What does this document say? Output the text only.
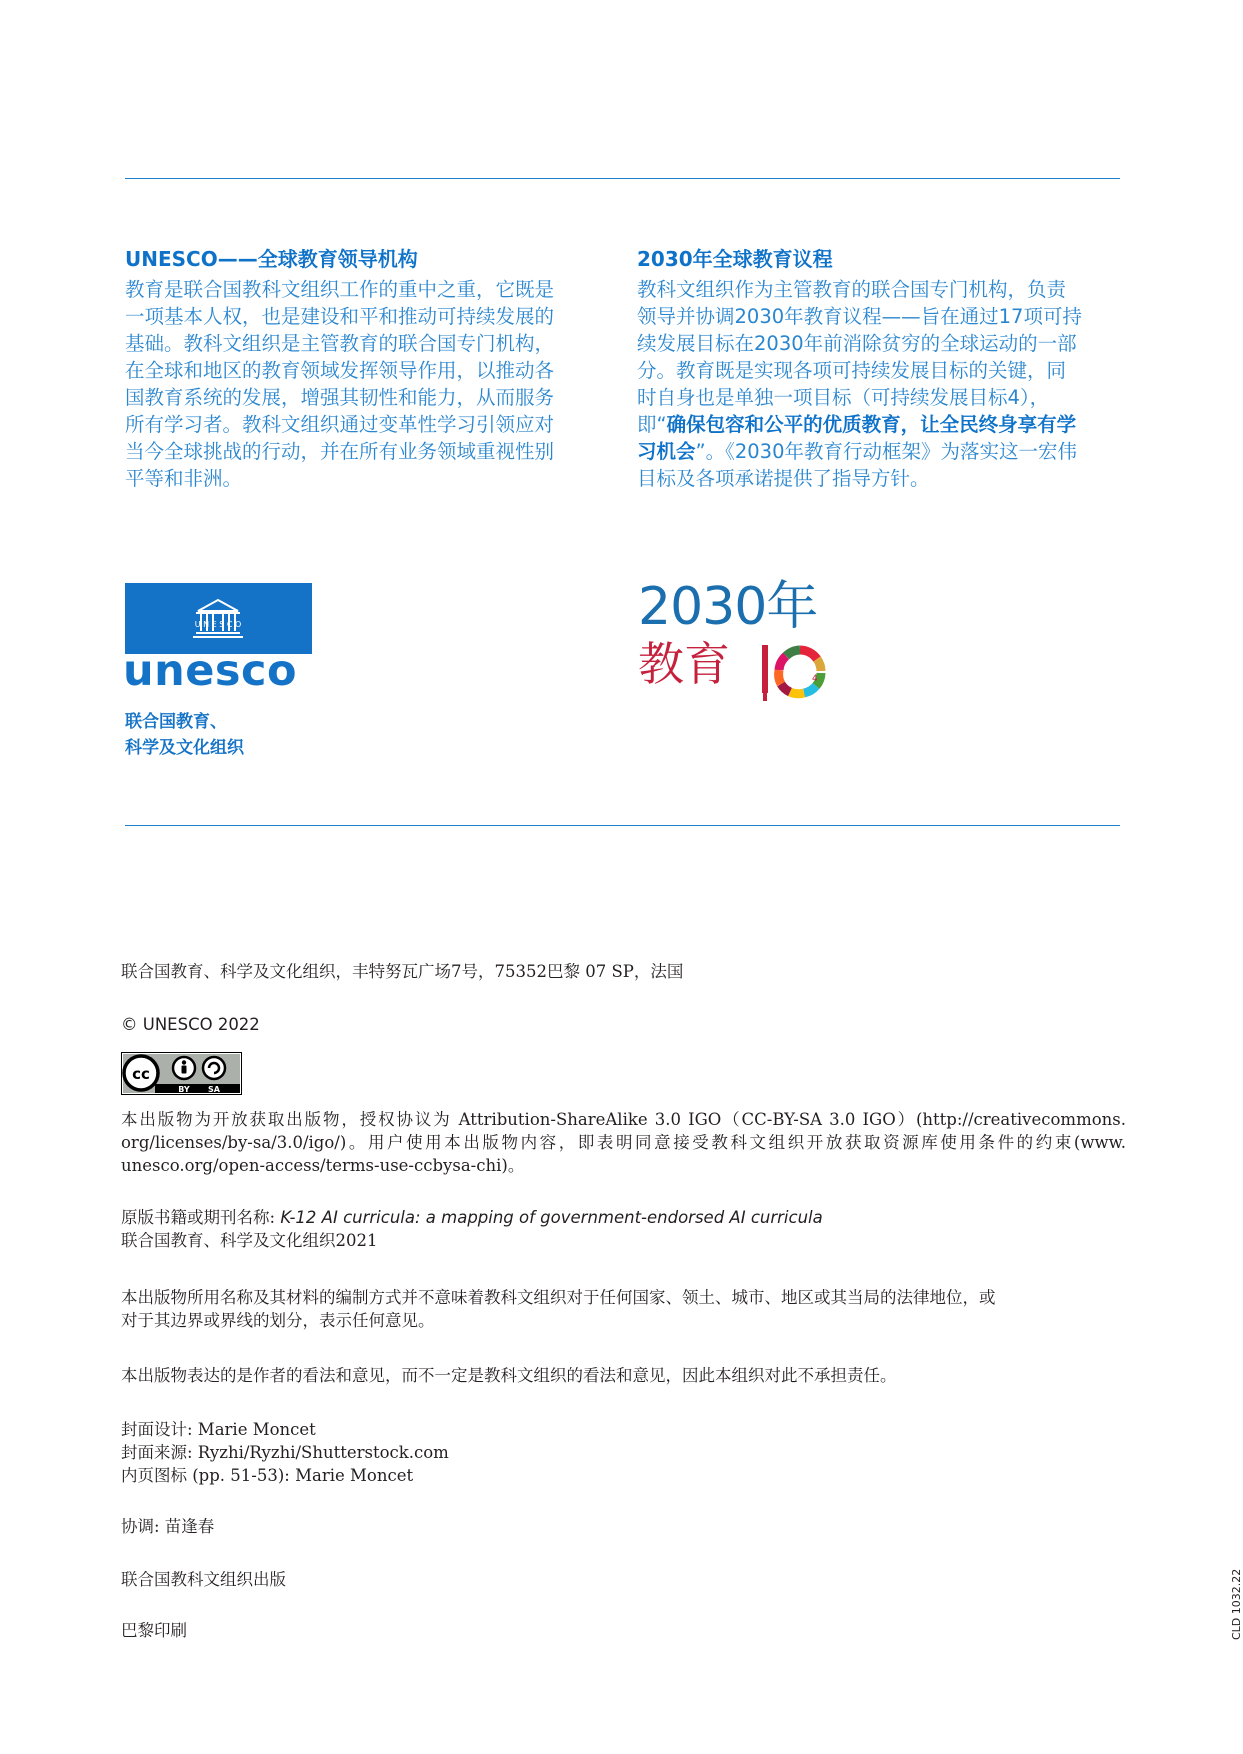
UNESCO——全球教育领导机构

教育是联合国教科文组织工作的重中之重，它既是一项基本人权，也是建设和平和推动可持续发展的基础。教科文组织是主管教育的联合国专门机构，在全球和地区的教育领域发挥领导作用，以推动各国教育系统的发展，增强其韧性和能力，从而服务所有学习者。教科文组织通过变革性学习引领应对当今全球挑战的行动，并在所有业务领域重视性别平等和非洲。

2030年全球教育议程

教科文组织作为主管教育的联合国专门机构，负责领导并协调2030年教育议程——旨在通过17项可持续发展目标在2030年前消除贫穷的全球运动的一部分。教育既是实现各项可持续发展目标的关键，同时自身也是单独一项目标（可持续发展目标4），即“确保包容和公平的优质教育，让全民终身享有学习机会”。《2030年教育行动框架》为落实这一宏伟目标及各项承诺提供了指导方针。

U N E S C O
unesco
联合国教育、
科学及文化组织
2030年
教育	4

联合国教育、科学及文化组织，丰特努瓦广场7号，75352巴黎 07 SP，法国

© UNESCO 2022

cc
BY SA
本出版物为开放获取出版物，授权协议为 Attribution-ShareAlike 3.0 IGO（CC-BY-SA 3.0 IGO）(http://creativecommons.
org/licenses/by-sa/3.0/igo/)。用户使用本出版物内容，即表明同意接受教科文组织开放获取资源库使用条件的约束(www.
unesco.org/open-access/terms-use-ccbysa-chi)。
原版书籍或期刊名称: K-12 AI curricula: a mapping of government-endorsed AI curricula
联合国教育、科学及文化组织2021
本出版物所用名称及其材料的编制方式并不意味着教科文组织对于任何国家、领土、城市、地区或其当局的法律地位，或
对于其边界或界线的划分，表示任何意见。

本出版物表达的是作者的看法和意见，而不一定是教科文组织的看法和意见，因此本组织对此不承担责任。

封面设计: Marie Moncet
封面来源: Ryzhi/Ryzhi/Shutterstock.com
内页图标 (pp. 51-53): Marie Moncet

协调: 苗逢春

联合国教科文组织出版

巴黎印刷	CLD 1032.22
